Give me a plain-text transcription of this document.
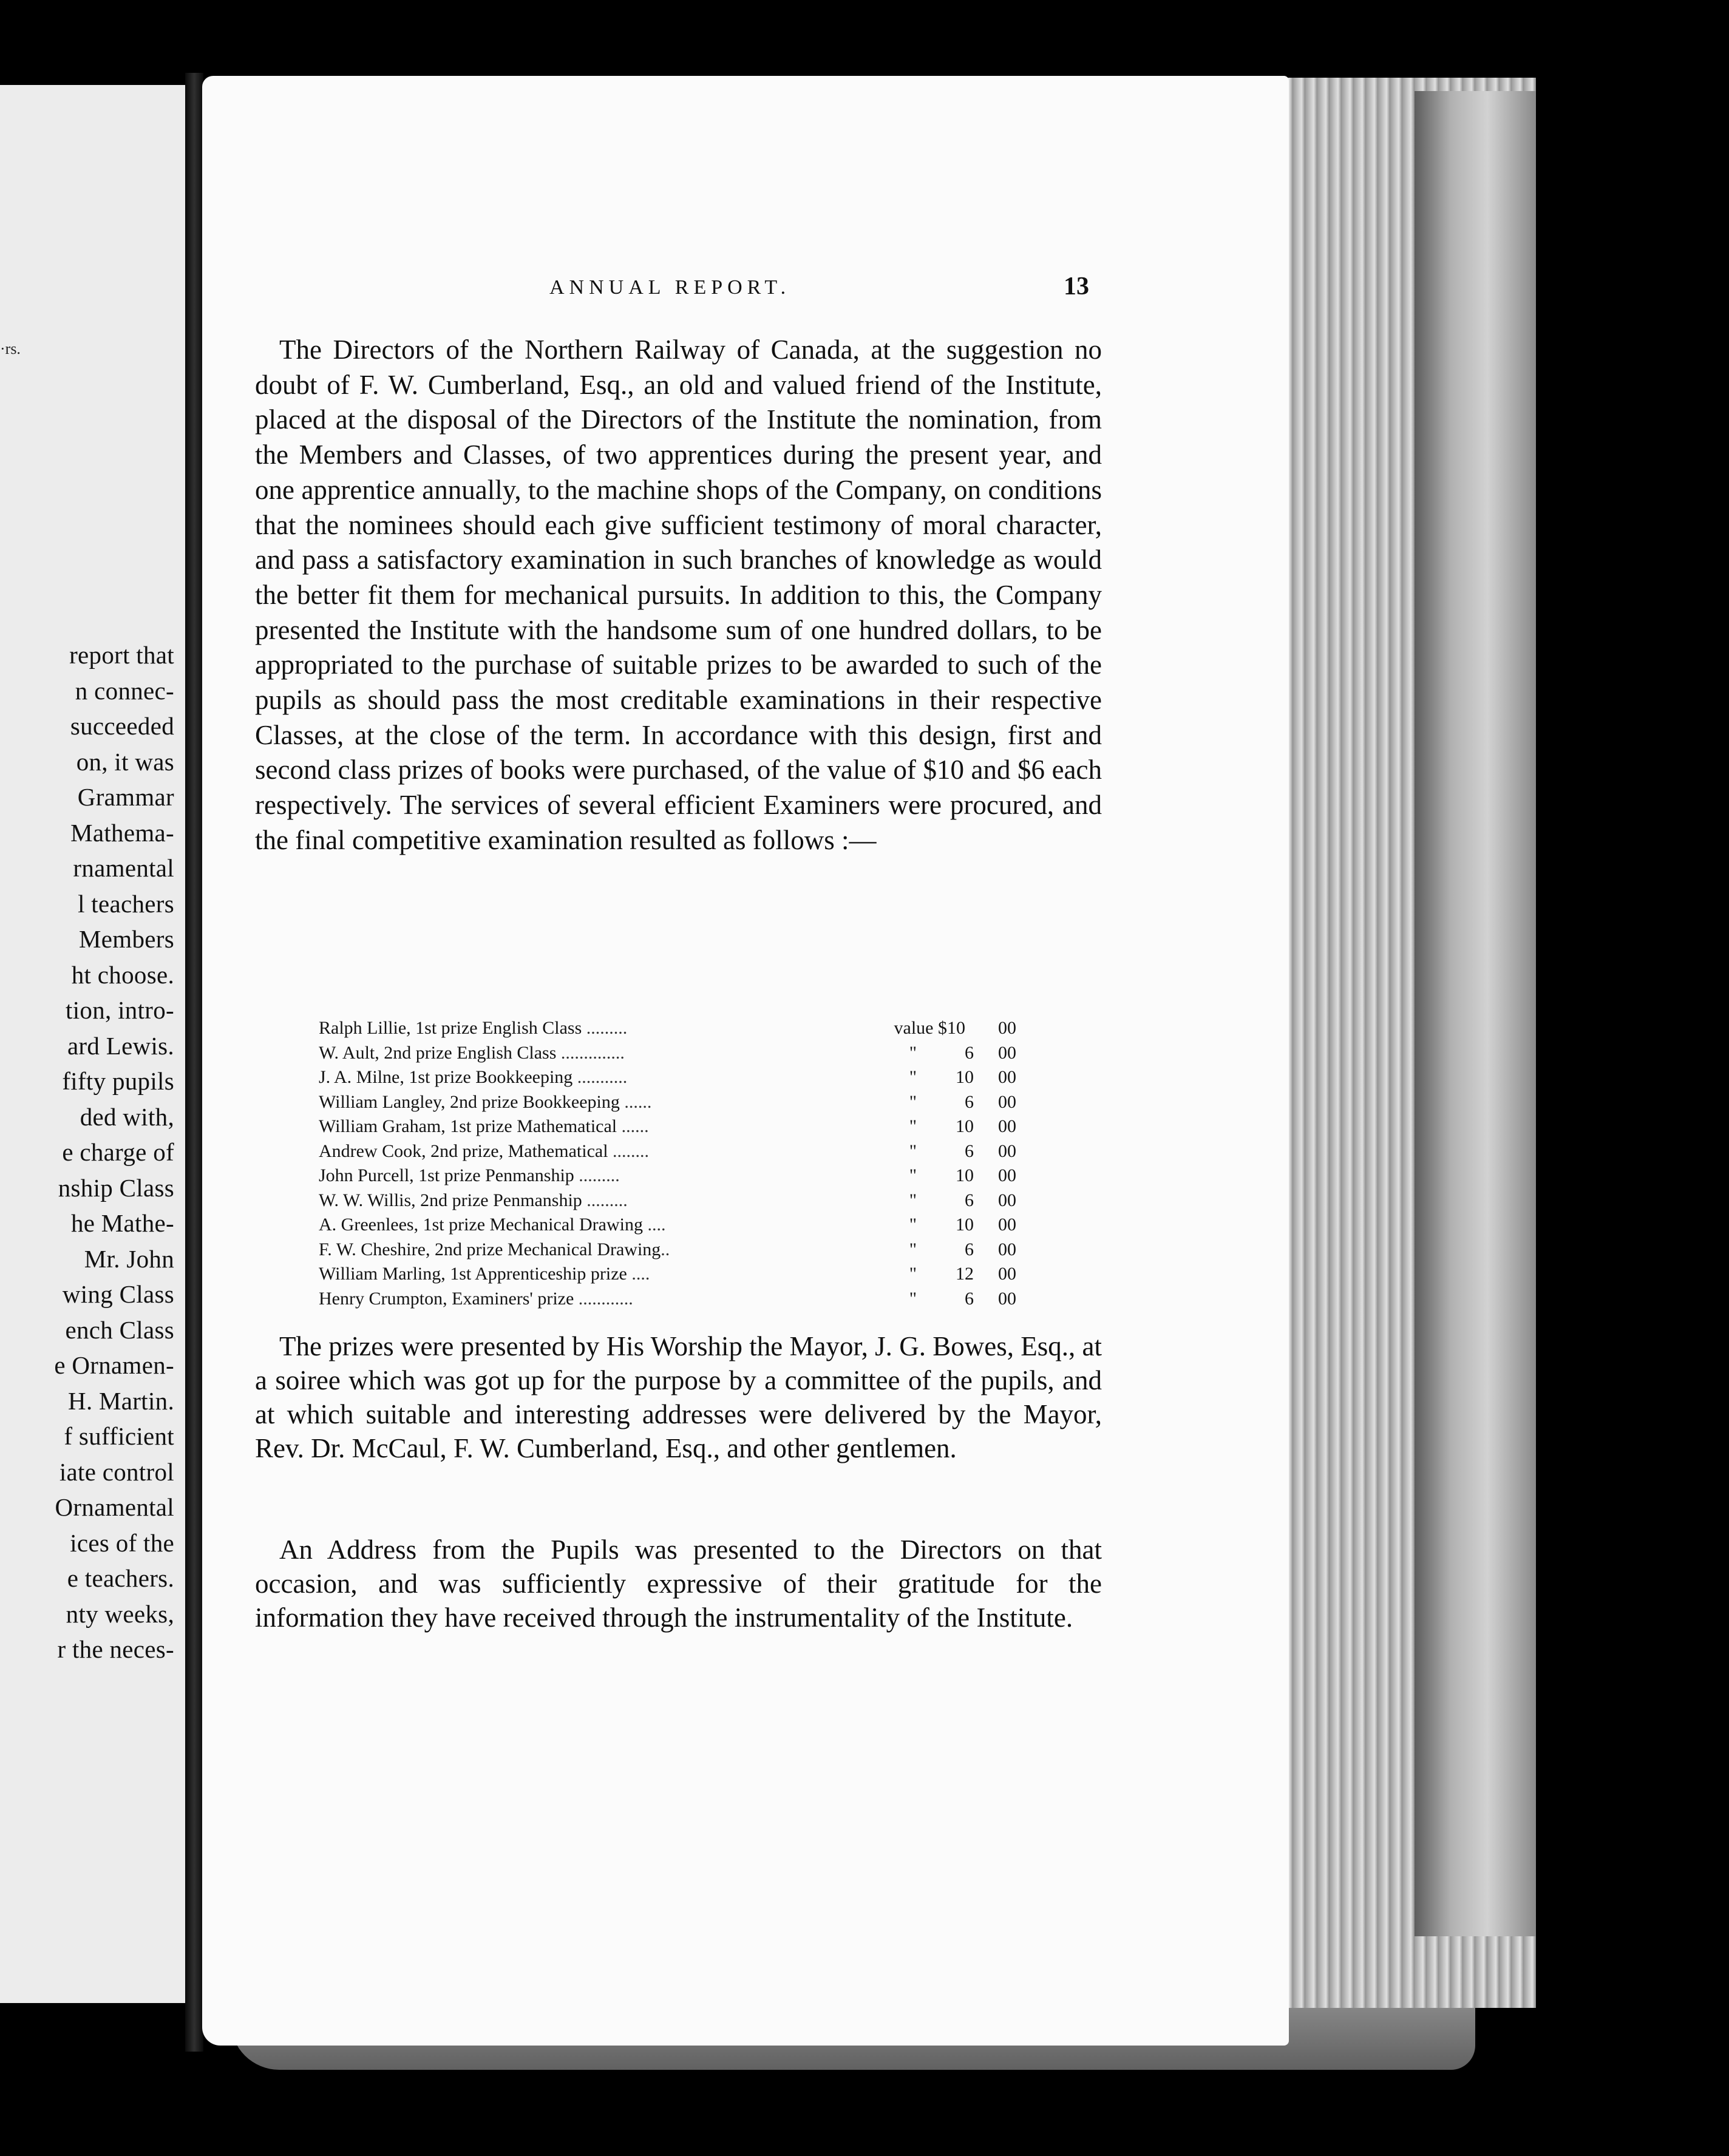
·rs.
report that
n connec-
succeeded
on, it was
Grammar
Mathema-
rnamental
l teachers
Members
ht choose.
tion, intro-
ard Lewis.
fifty pupils
ded with,
e charge of
nship Class
he Mathe-
Mr. John
wing Class
ench Class
e Ornamen-
H. Martin.
f sufficient
iate control
Ornamental
ices of the
e teachers.
nty weeks,
r the neces-
ANNUAL REPORT.	13

The Directors of the Northern Railway of Canada, at the suggestion no doubt of F. W. Cumberland, Esq., an old and valued friend of the Institute, placed at the disposal of the Directors of the Institute the nomination, from the Members and Classes, of two apprentices during the present year, and one apprentice annually, to the machine shops of the Company, on conditions that the nominees should each give sufficient testimony of moral character, and pass a satisfactory examination in such branches of knowledge as would the better fit them for mechanical pursuits. In addition to this, the Company presented the Institute with the handsome sum of one hundred dollars, to be appropriated to the purchase of suitable prizes to be awarded to such of the pupils as should pass the most creditable examinations in their respective Classes, at the close of the term. In accordance with this design, first and second class prizes of books were purchased, of the value of $10 and $6 each respectively. The services of several efficient Examiners were procured, and the final competitive examination resulted as follows :—

Ralph Lillie, 1st prize English Class .........	value $10	00
W. Ault, 2nd prize English Class ..............	"	6	00
J. A. Milne, 1st prize Bookkeeping ...........	"	10	00
William Langley, 2nd prize Bookkeeping ......	"	6	00
William Graham, 1st prize Mathematical ......	"	10	00
Andrew Cook, 2nd prize, Mathematical ........	"	6	00
John Purcell, 1st prize Penmanship .........	"	10	00
W. W. Willis, 2nd prize Penmanship .........	"	6	00
A. Greenlees, 1st prize Mechanical Drawing ....	"	10	00
F. W. Cheshire, 2nd prize Mechanical Drawing..	"	6	00
William Marling, 1st Apprenticeship prize ....	"	12	00
Henry Crumpton, Examiners' prize ............	"	6	00

The prizes were presented by His Worship the Mayor, J. G. Bowes, Esq., at a soiree which was got up for the purpose by a committee of the pupils, and at which suitable and interesting addresses were delivered by the Mayor, Rev. Dr. McCaul, F. W. Cumberland, Esq., and other gentlemen.

An Address from the Pupils was presented to the Directors on that occasion, and was sufficiently expressive of their gratitude for the information they have received through the instrumentality of the Institute.
